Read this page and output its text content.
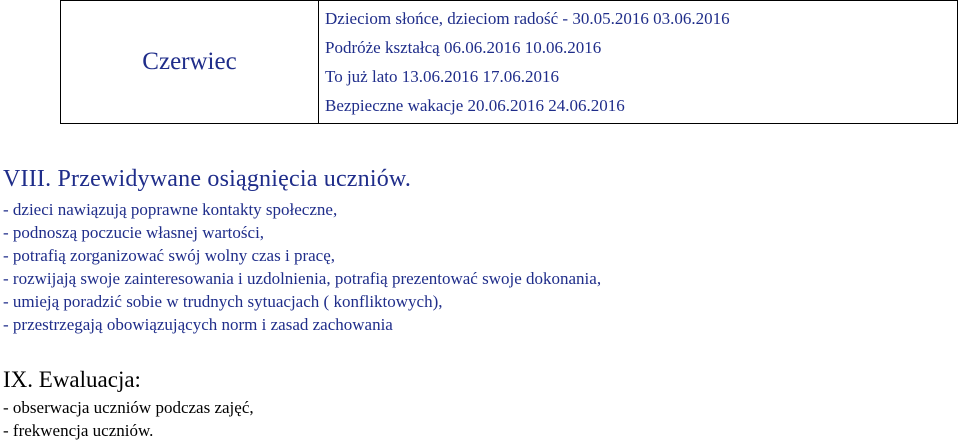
Czerwiec	
Dzieciom słońce, dzieciom radość - 30.05.2016 03.06.2016
Podróże kształcą 06.06.2016 10.06.2016
To już lato 13.06.2016 17.06.2016
Bezpieczne wakacje 20.06.2016 24.06.2016
VIII. Przewidywane osiągnięcia uczniów.
- dzieci nawiązują poprawne kontakty społeczne,
- podnoszą poczucie własnej wartości,
- potrafią zorganizować swój wolny czas i pracę,
- rozwijają swoje zainteresowania i uzdolnienia, potrafią prezentować swoje dokonania,
- umieją poradzić sobie w trudnych sytuacjach ( konfliktowych),
- przestrzegają obowiązujących norm i zasad zachowania
IX. Ewaluacja:
- obserwacja uczniów podczas zajęć,
- frekwencja uczniów.
